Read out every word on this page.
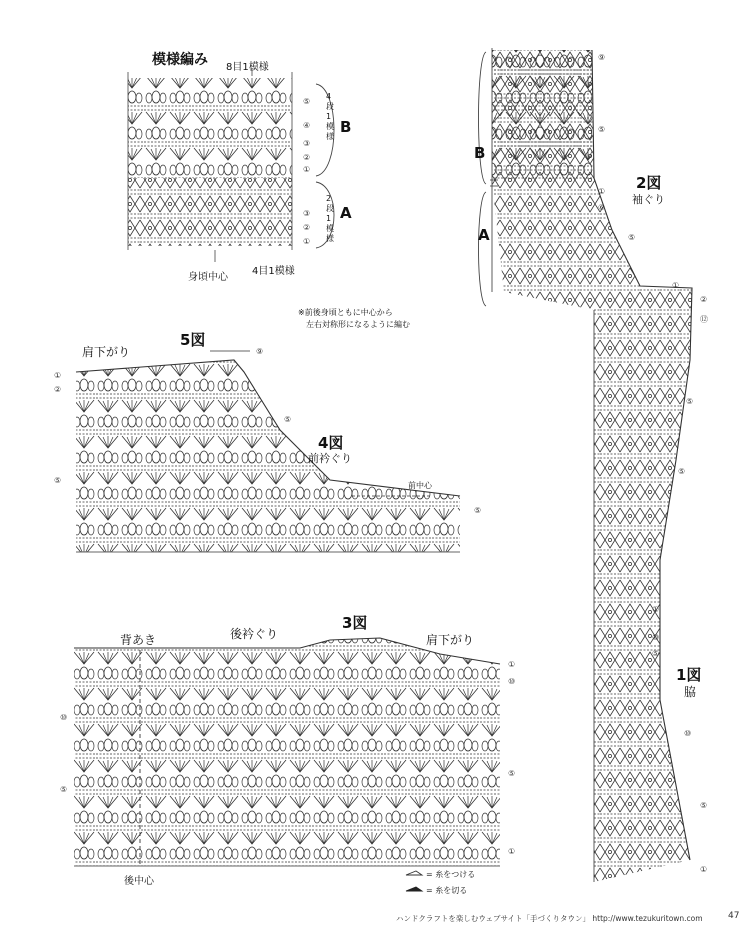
⑤
④
③
②
①
③
②
①
①
②
⑨
⑤
⑤
⑤
①
⑩
⑤
①
⑩
⑤
⑨
⑤
①
⑥
⑤
①
②
⑫
⑤
⑤
①
⑩
⑤
⑩
⑤
①
模様編み 8目1模様
4目1模様
身頃中心
B
4段1模様
A
2段1模様
※前後身頃ともに中心から
左右対称形になるように編む
5図
肩下がり
4図
前衿ぐり
前中心
3図
背あき	後衿ぐり	肩下がり
後中心
2図
袖ぐり
B
A
1図
脇
= 糸をつける
= 糸を切る
ハンドクラフトを楽しむウェブサイト「手づくりタウン」 http://www.tezukuritown.com	47
